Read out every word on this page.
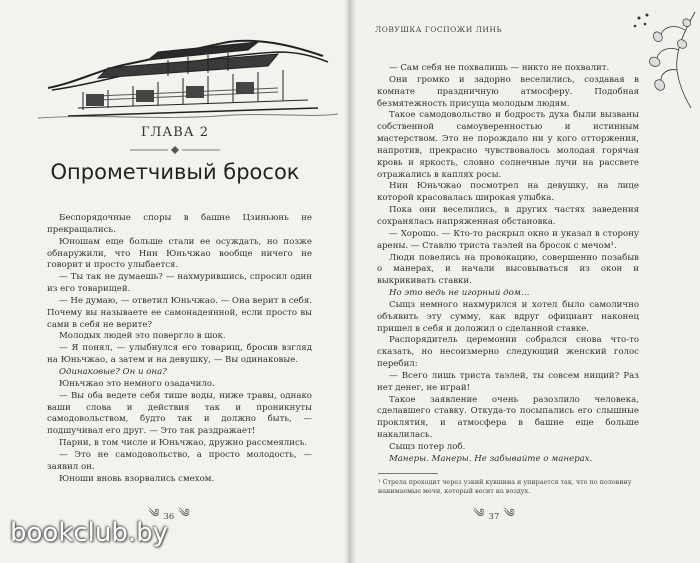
ГЛАВА 2
Опрометчивый бросок

Беспорядочные споры в башне Цзиньюнь не прекращались.

Юношам еще больше стали ее осуждать, но позже обнаружили, что Нин Юньчжао вообще ничего не говорит и просто улыбается.

— Ты так не думаешь? — нахмурившись, спросил один из его товарищей.

— Не думаю, — ответил Юньчжао. — Она верит в себя. Почему вы называете ее самонадеянной, если просто вы сами в себя не верите?

Молодых людей это повергло в шок.

— Я понял, — улыбнулся его товарищ, бросив взгляд на Юньчжао, а затем и на девушку, — Вы одинаковые.

Одинаковые? Он и она?

Юньчжао это немного озадачило.

— Вы оба ведете себя тише воды, ниже травы, однако ваши слова и действия так и проникнуты самодовольством, будто так и должно быть, — подшучивал его друг. — Это так раздражает!

Парни, в том числе и Юньчжао, дружно рассмеялись.

— Это не самодовольство, а просто молодость, — заявил он.

Юноши вновь взорвались смехом.

༄ 36 ༄
ЛОВУШКА ГОСПОЖИ ЛИНЬ

— Сам себя не похвалишь — никто не похвалит.

Они громко и задорно веселились, создавая в комнате праздничную атмосферу. Подобная безмятежность присуща молодым людям.

Такое самодовольство и бодрость духа были вызваны собственной самоуверенностью и истинным мастерством. Это не порождало ни у кого отторжения, напротив, прекрасно чувствовалось молодая горячая кровь и яркость, словно солнечные лучи на рассвете отражались в каплях росы.

Нин Юньчжао посмотрел на девушку, на лице которой красовалась широкая улыбка.

Пока они веселились, в других частях заведения сохранялась напряженная обстановка.

— Хорошо. — Кто-то раскрыл окно и указал в сторону арены. — Ставлю триста таэлей на бросок с мечом¹.

Люди повелись на провокацию, совершенно позабыв о манерах, и начали высовываться из окон и выкрикивать ставки.

Но это ведь не игорный дом…

Сыщз немного нахмурился и хотел было самолично объявить эту сумму, как вдруг официант наконец пришел в себя и доложил о сделанной ставке.

Распорядитель церемонии собрался снова что-то сказать, но несоизмерно следующий женский голос перебил:

— Всего лишь триста таэлей, ты совсем нищий? Раз нет денег, не играй!

Такое заявление очень разозлило человека, сделавшего ставку. Откуда-то посыпались его слышные проклятия, и атмосфера в башне еще больше накалилась.

Сыщз потер лоб.

Манеры. Манеры. Не забывайте о манерах.

¹ Стрела проходит через узкий кувшина и упирается так, что по половину нанимаемые мечи, который весит на воздух.
༄ 37 ༄
bookclub.by
